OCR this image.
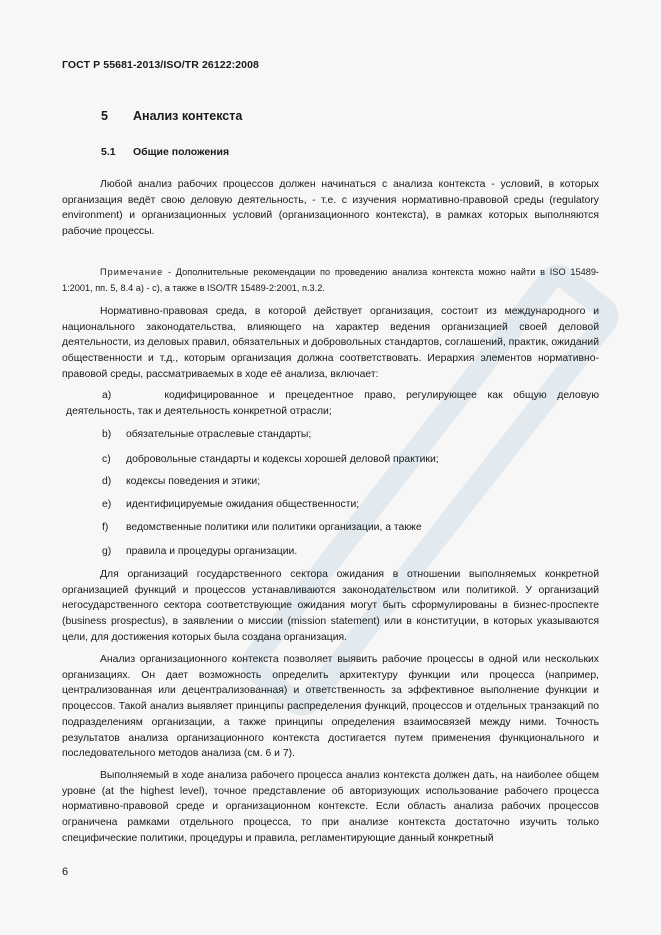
ГОСТ Р 55681-2013/ISO/TR 26122:2008
5 Анализ контекста
5.1 Общие положения

Любой анализ рабочих процессов должен начинаться с анализа контекста - условий, в которых организация ведёт свою деловую деятельность, - т.е. с изучения нормативно-правовой среды (regulatory environment) и организационных условий (организационного контекста), в рамках которых выполняются рабочие процессы.

Примечание - Дополнительные рекомендации по проведению анализа контекста можно найти в ISO 15489-1:2001, пп. 5, 8.4 а) - с), а также в ISO/TR 15489-2:2001, п.3.2.

Нормативно-правовая среда, в которой действует организация, состоит из международного и национального законодательства, влияющего на характер ведения организацией своей деловой деятельности, из деловых правил, обязательных и добровольных стандартов, соглашений, практик, ожиданий общественности и т.д., которым организация должна соответствовать. Иерархия элементов нормативно-правовой среды, рассматриваемых в ходе её анализа, включает:

а)	кодифицированное и прецедентное право, регулирующее как общую деловую
деятельность, так и деятельность конкретной отрасли;
b) обязательные отраслевые стандарты;
c) добровольные стандарты и кодексы хорошей деловой практики;
d) кодексы поведения и этики;
е) идентифицируемые ожидания общественности;
f) ведомственные политики или политики организации, а также
g) правила и процедуры организации.

Для организаций государственного сектора ожидания в отношении выполняемых конкретной организацией функций и процессов устанавливаются законодательством или политикой. У организаций негосударственного сектора соответствующие ожидания могут быть сформулированы в бизнес-проспекте (business prospectus), в заявлении о миссии (mission statement) или в конституции, в которых указываются цели, для достижения которых была создана организация.

Анализ организационного контекста позволяет выявить рабочие процессы в одной или нескольких организациях. Он дает возможность определить архитектуру функции или процесса (например, централизованная или децентрализованная) и ответственность за эффективное выполнение функции и процессов. Такой анализ выявляет принципы распределения функций, процессов и отдельных транзакций по подразделениям организации, а также принципы определения взаимосвязей между ними. Точность результатов анализа организационного контекста достигается путем применения функционального и последовательного методов анализа (см. 6 и 7).

Выполняемый в ходе анализа рабочего процесса анализ контекста должен дать, на наиболее общем уровне (at the highest level), точное представление об авторизующих использование рабочего процесса нормативно-правовой среде и организационном контексте. Если область анализа рабочих процессов ограничена рамками отдельного процесса, то при анализе контекста достаточно изучить только специфические политики, процедуры и правила, регламентирующие данный конкретный

6
